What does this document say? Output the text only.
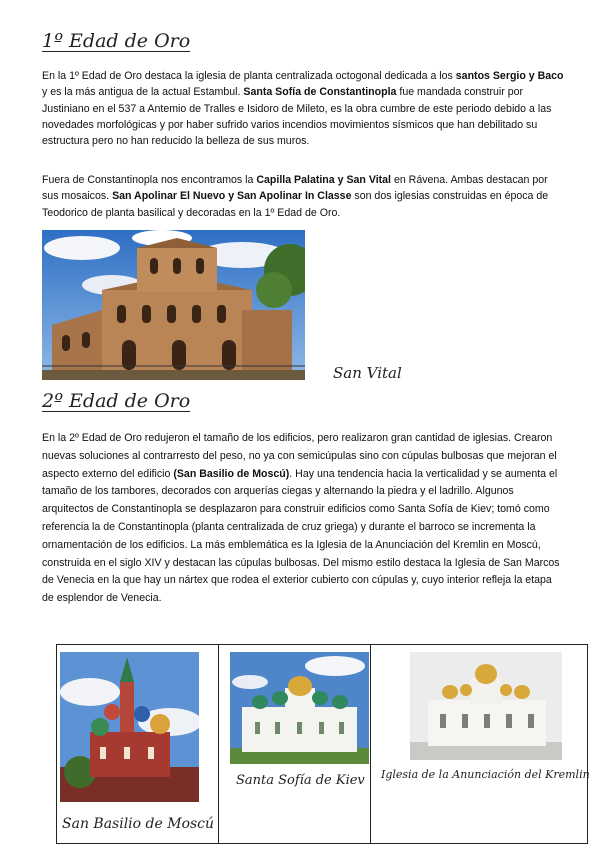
1º Edad de Oro

En la 1º Edad de Oro destaca la iglesia de planta centralizada octogonal dedicada a los santos Sergio y Baco y es la más antigua de la actual Estambul. Santa Sofía de Constantinopla fue mandada construir por Justiniano en el 537 a Antemio de Tralles e Isidoro de Mileto, es la obra cumbre de este periodo debido a las novedades morfológicas y por haber sufrido varios incendios movimientos sísmicos que han debilitado su estructura pero no han reducido la belleza de sus muros.

Fuera de Constantinopla nos encontramos la Capilla Palatina y San Vital en Rávena. Ambas destacan por sus mosaicos. San Apolinar El Nuevo y San Apolinar In Classe son dos iglesias construidas en época de Teodorico de planta basilical y decoradas en la 1º Edad de Oro.

San Vital
2º Edad de Oro

En la 2º Edad de Oro redujeron el tamaño de los edificios, pero realizaron gran cantidad de iglesias. Crearon nuevas soluciones al contrarresto del peso, no ya con semicúpulas sino con cúpulas bulbosas que mejoran el aspecto externo del edificio (San Basilio de Moscú). Hay una tendencia hacia la verticalidad y se aumenta el tamaño de los tambores, decorados con arquerías ciegas y alternando la piedra y el ladrillo. Algunos arquitectos de Constantinopla se desplazaron para construir edificios como Santa Sofía de Kiev; tomó como referencia la de Constantinopla (planta centralizada de cruz griega) y durante el barroco se incrementa la ornamentación de los edificios. La más emblemática es la Iglesia de la Anunciación del Kremlin en Moscú, construida en el siglo XIV y destacan las cúpulas bulbosas. Del mismo estilo destaca la Iglesia de San Marcos de Venecia en la que hay un nártex que rodea el exterior cubierto con cúpulas y, cuyo interior refleja la etapa de esplendor de Venecia.

San Basilio de Moscú
Santa Sofía de Kiev Iglesia de la Anunciación del Kremlin
